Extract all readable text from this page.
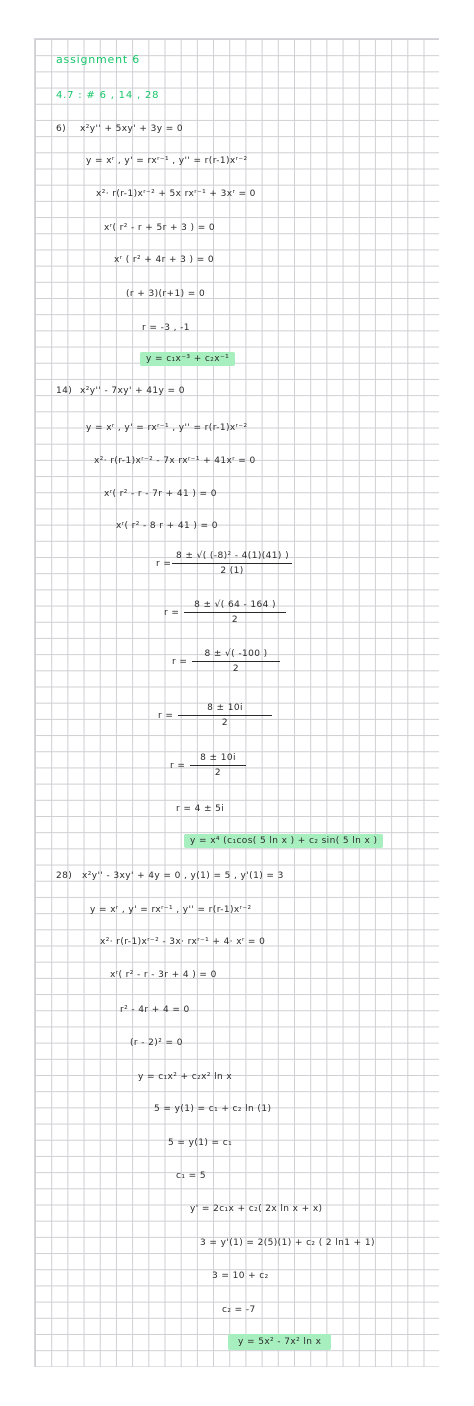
assignment 6
4.7 : # 6 , 14 , 28
6) x²y'' + 5xy' + 3y = 0
y = xʳ , y' = rxʳ⁻¹ , y'' = r(r-1)xʳ⁻²
x²· r(r-1)xʳ⁻² + 5x rxʳ⁻¹ + 3xʳ = 0
xʳ( r² - r + 5r + 3 ) = 0
xʳ ( r² + 4r + 3 ) = 0
(r + 3)(r+1) = 0
r = -3 , -1
y = c₁x⁻³ + c₂x⁻¹
14) x²y'' - 7xy' + 41y = 0
y = xʳ , y' = rxʳ⁻¹ , y'' = r(r-1)xʳ⁻²
x²· r(r-1)xʳ⁻² - 7x rxʳ⁻¹ + 41xʳ = 0
xʳ( r² - r - 7r + 41 ) = 0
xʳ( r² - 8 r + 41 ) = 0
r =
8 ± √( (-8)² - 4(1)(41) )
2 (1)
r =
8 ± √( 64 - 164 )
2
r =
8 ± √( -100 )
2
r =
8 ± 10i
2
r =
8 ± 10i
2
r = 4 ± 5i
y = x⁴ (c₁cos( 5 ln x ) + c₂ sin( 5 ln x )
28) x²y'' - 3xy' + 4y = 0 , y(1) = 5 , y'(1) = 3
y = xʳ , y' = rxʳ⁻¹ , y'' = r(r-1)xʳ⁻²
x²· r(r-1)xʳ⁻² - 3x· rxʳ⁻¹ + 4· xʳ = 0
xʳ( r² - r - 3r + 4 ) = 0
r² - 4r + 4 = 0
(r - 2)² = 0
y = c₁x² + c₂x² ln x
5 = y(1) = c₁ + c₂ ln (1)
5 = y(1) = c₁
c₁ = 5
y' = 2c₁x + c₂( 2x ln x + x)
3 = y'(1) = 2(5)(1) + c₂ ( 2 ln1 + 1)
3 = 10 + c₂
c₂ = -7
y = 5x² - 7x² ln x
